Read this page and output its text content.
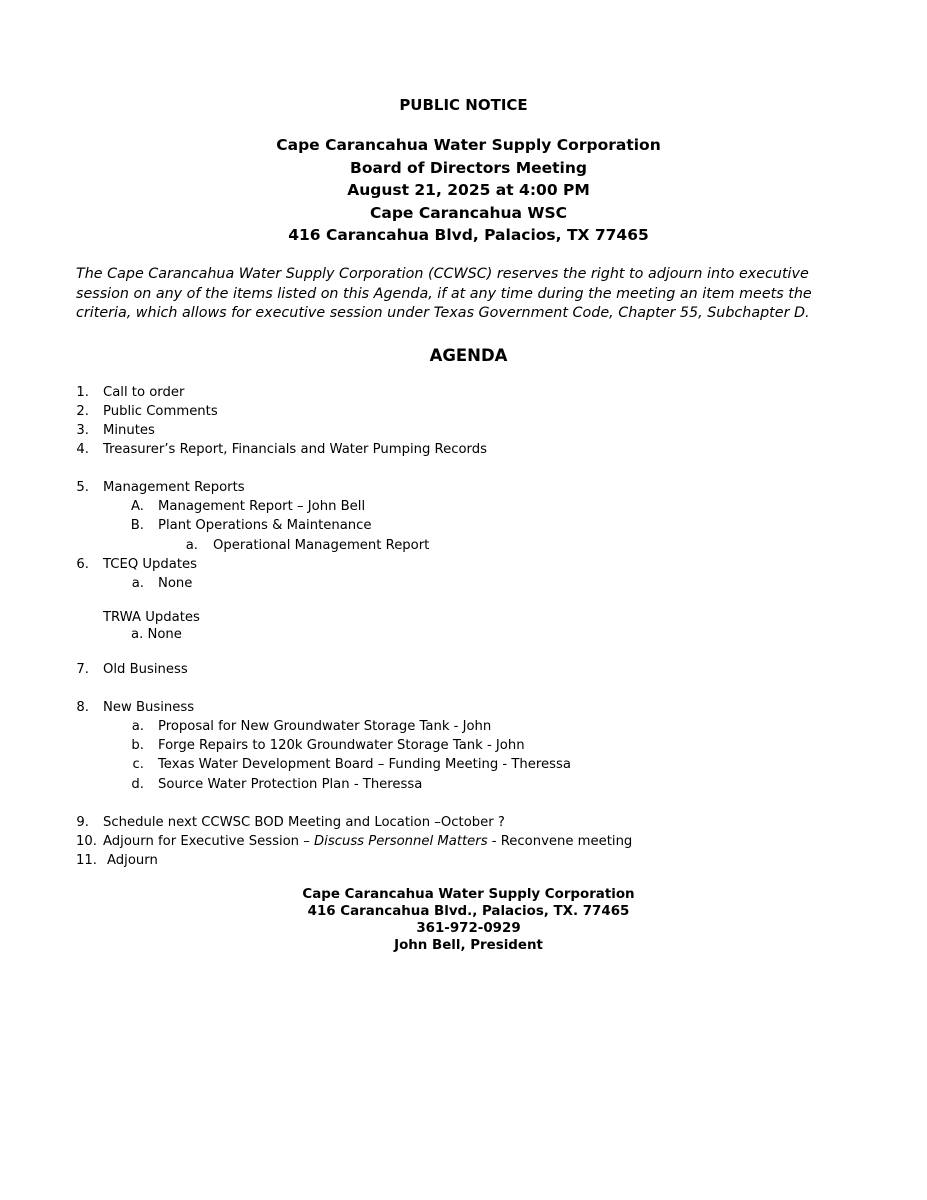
PUBLIC NOTICE
Cape Carancahua Water Supply Corporation
Board of Directors Meeting
August 21, 2025 at 4:00 PM
Cape Carancahua WSC
416 Carancahua Blvd, Palacios, TX 77465
The Cape Carancahua Water Supply Corporation (CCWSC) reserves the right to adjourn into executive
session on any of the items listed on this Agenda, if at any time during the meeting an item meets the
criteria, which allows for executive session under Texas Government Code, Chapter 55, Subchapter D.
AGENDA
1. Call to order
2. Public Comments
3. Minutes
4. Treasurer’s Report, Financials and Water Pumping Records
5. Management Reports
A. Management Report – John Bell
B. Plant Operations & Maintenance
a. Operational Management Report
6. TCEQ Updates
a. None
TRWA Updates
a. None
7. Old Business
8. New Business
a. Proposal for New Groundwater Storage Tank - John
b. Forge Repairs to 120k Groundwater Storage Tank - John
c. Texas Water Development Board – Funding Meeting - Theressa
d. Source Water Protection Plan - Theressa
9. Schedule next CCWSC BOD Meeting and Location –October ?
10. Adjourn for Executive Session – Discuss Personnel Matters - Reconvene meeting
11. Adjourn
Cape Carancahua Water Supply Corporation
416 Carancahua Blvd., Palacios, TX. 77465
361-972-0929
John Bell, President
